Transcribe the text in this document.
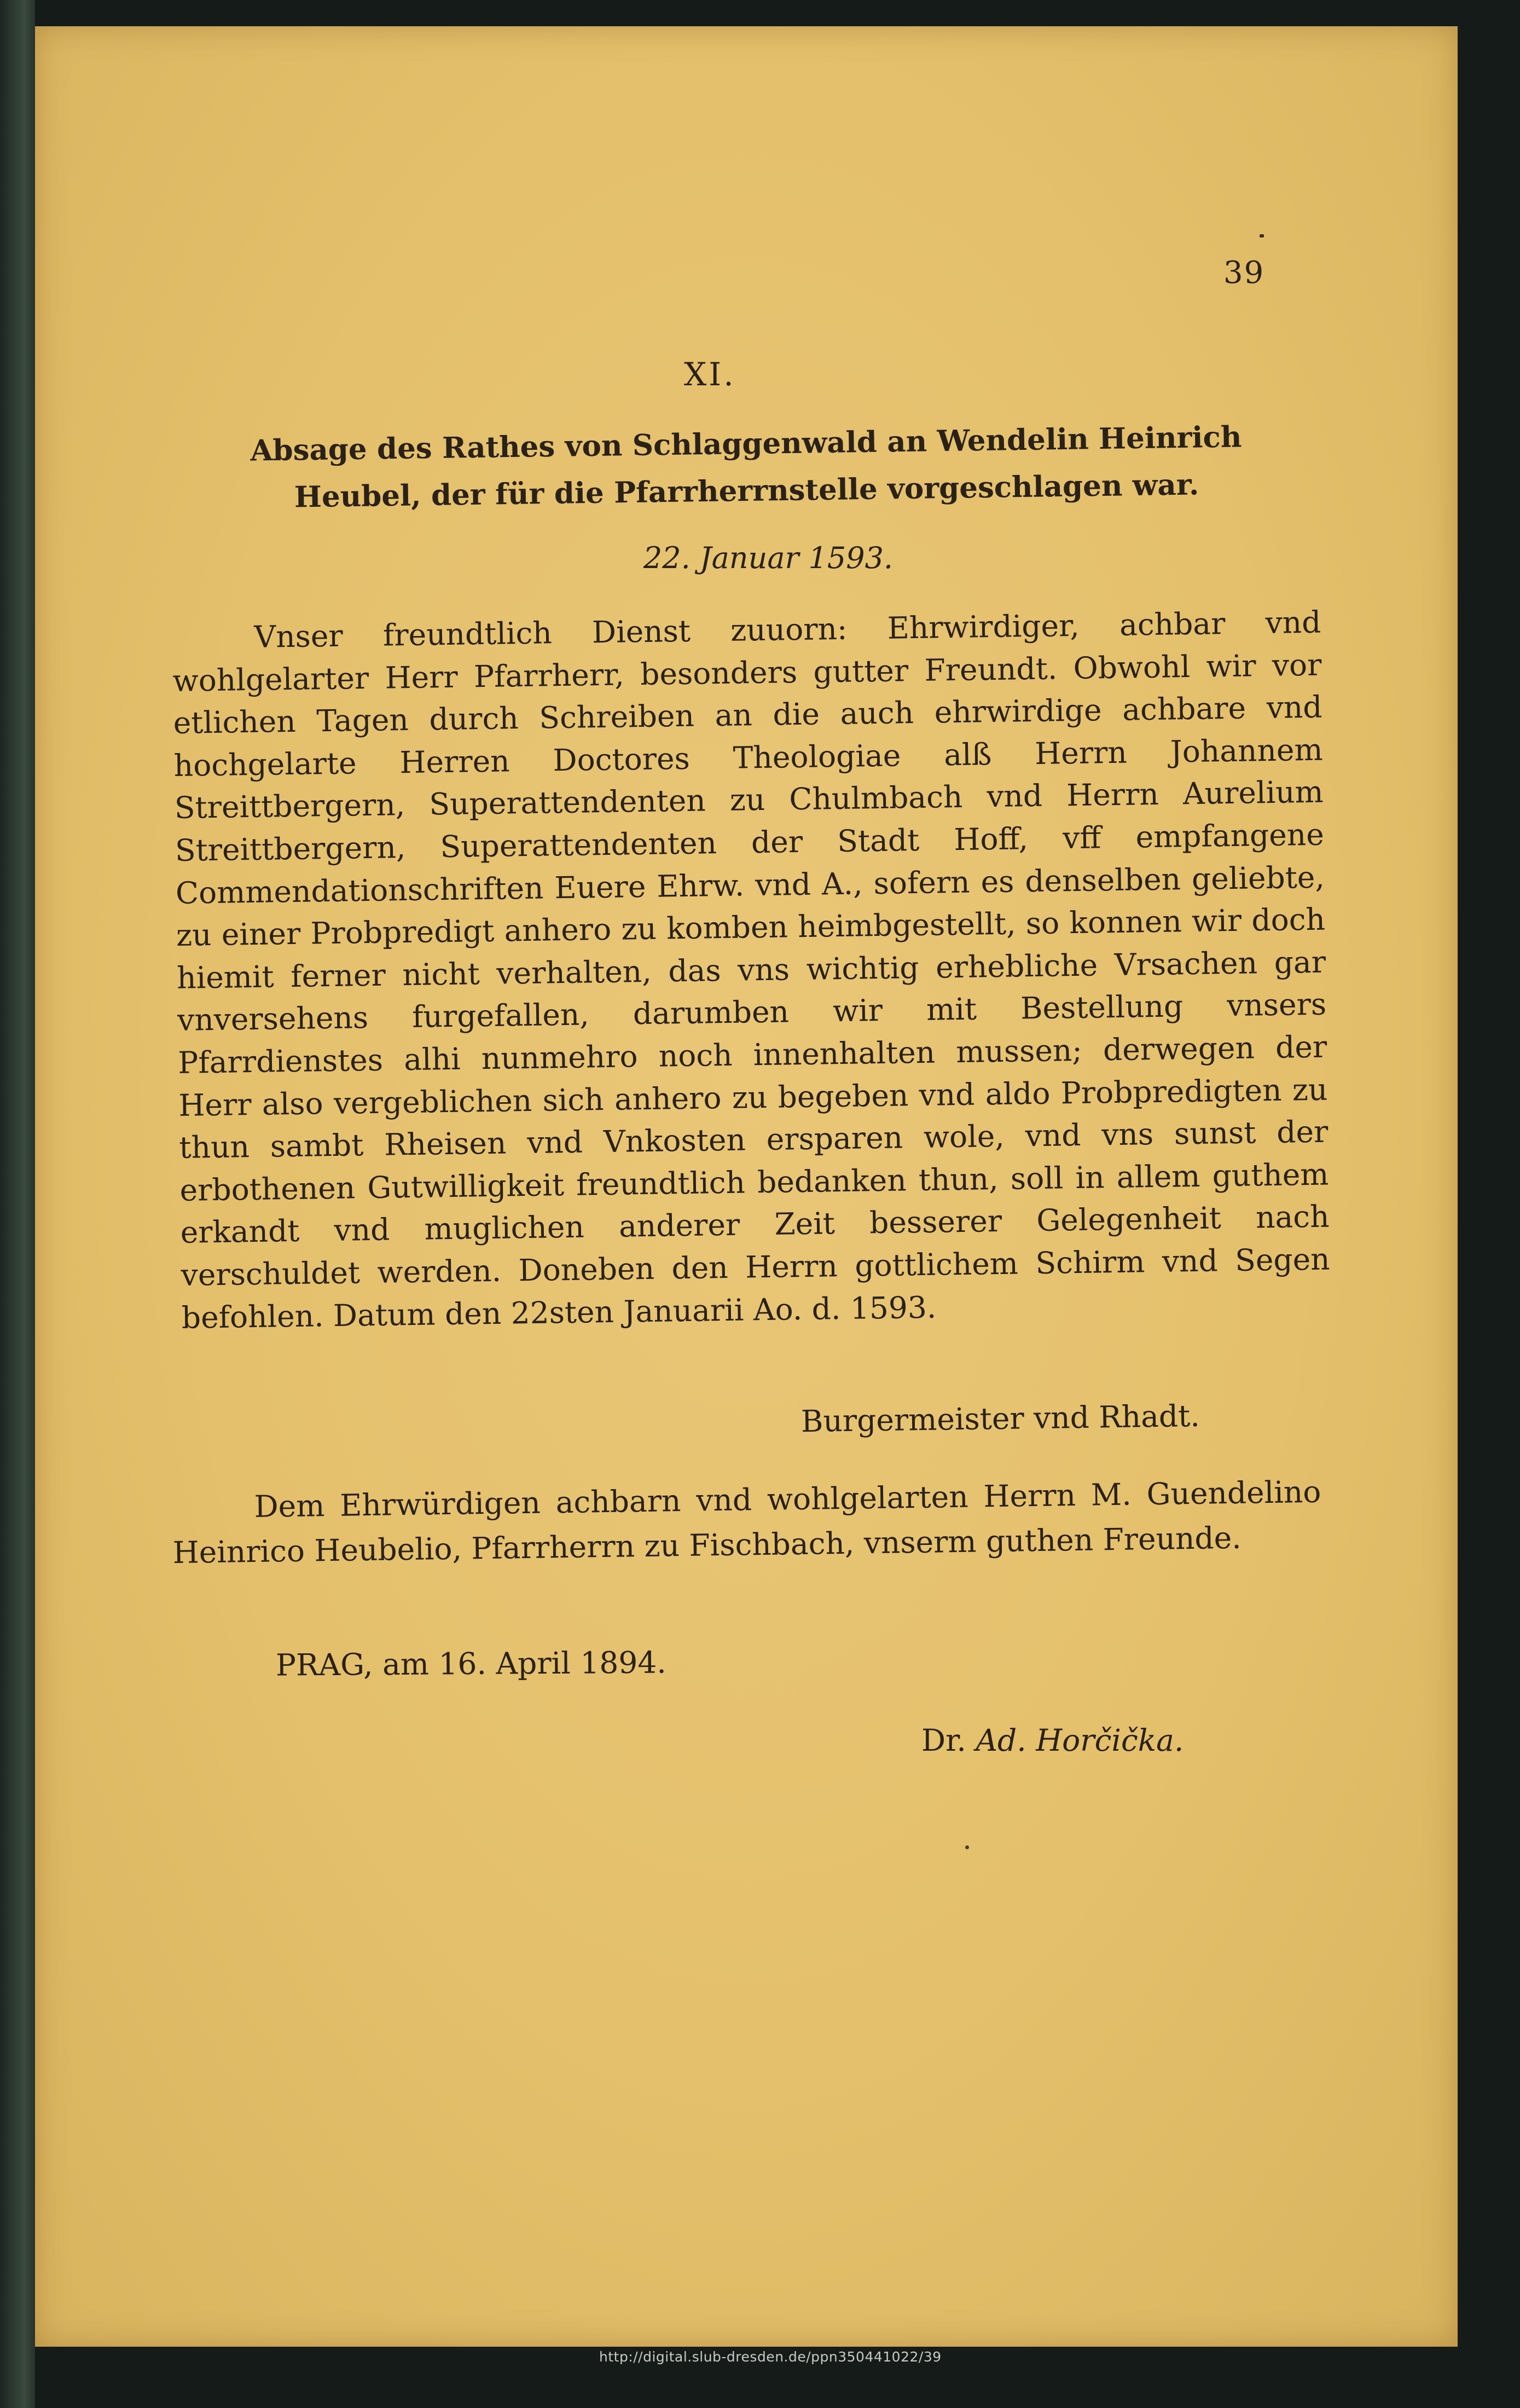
39
XI.
Absage des Rathes von Schlaggenwald an Wendelin Heinrich
Heubel, der für die Pfarrherrnstelle vorgeschlagen war.
22. Januar 1593.

Vnser freundtlich Dienst zuuorn: Ehrwirdiger, achbar vnd wohlgelarter Herr Pfarrherr, besonders gutter Freundt. Obwohl wir vor etlichen Tagen durch Schreiben an die auch ehrwirdige achbare vnd hochgelarte Herren Doctores Theologiae alß Herrn Johannem Streittbergern, Superattendenten zu Chulmbach vnd Herrn Aurelium Streittbergern, Superattendenten der Stadt Hoff, vff empfangene Commendationschriften Euere Ehrw. vnd A., sofern es denselben geliebte, zu einer Probpredigt anhero zu komben heimbgestellt, so konnen wir doch hiemit ferner nicht verhalten, das vns wichtig erhebliche Vrsachen gar vnversehens furgefallen, darumben wir mit Bestellung vnsers Pfarrdienstes alhi nunmehro noch innenhalten mussen; derwegen der Herr also vergeblichen sich anhero zu begeben vnd aldo Probpredigten zu thun sambt Rheisen vnd Vnkosten ersparen wole, vnd vns sunst der erbothenen Gutwilligkeit freundtlich bedanken thun, soll in allem guthem erkandt vnd muglichen anderer Zeit besserer Gelegenheit nach verschuldet werden. Doneben den Herrn gottlichem Schirm vnd Segen befohlen. Datum den 22sten Januarii Ao. d. 1593.

Burgermeister vnd Rhadt.

Dem Ehrwürdigen achbarn vnd wohlgelarten Herrn M. Guendelino Heinrico Heubelio, Pfarrherrn zu Fischbach, vnserm guthen Freunde.

PRAG, am 16. April 1894.
Dr. Ad. Horčička.
http://digital.slub-dresden.de/ppn350441022/39
